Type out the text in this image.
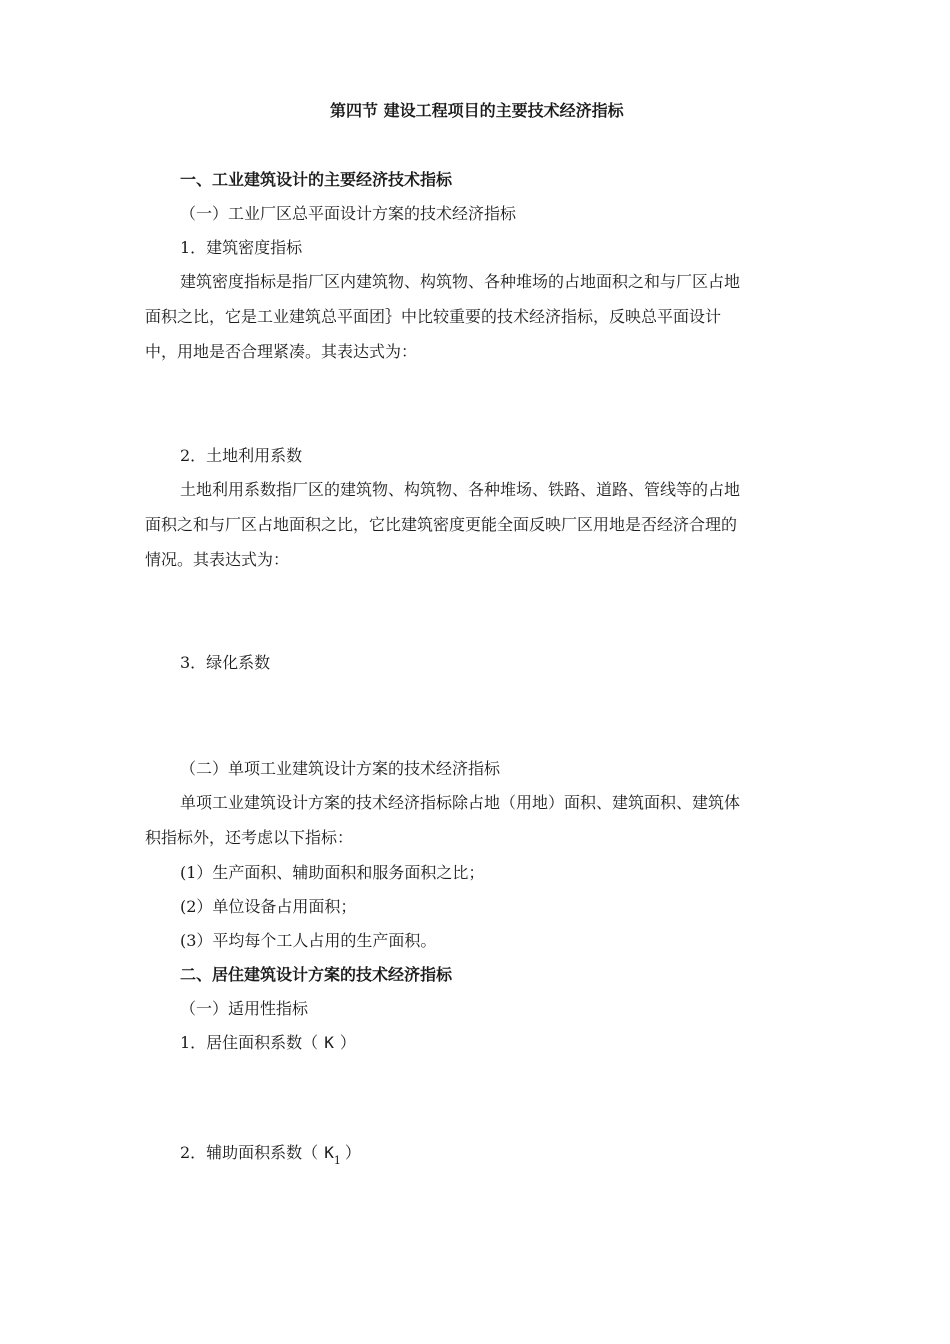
第四节 建设工程项目的主要技术经济指标
一、工业建筑设计的主要经济技术指标
（一）工业厂区总平面设计方案的技术经济指标
1．建筑密度指标
建筑密度指标是指厂区内建筑物、构筑物、各种堆场的占地面积之和与厂区占地
面积之比，它是工业建筑总平面团｝中比较重要的技术经济指标，反映总平面设计
中，用地是否合理紧凑。其表达式为：
2．土地利用系数
土地利用系数指厂区的建筑物、构筑物、各种堆场、铁路、道路、管线等的占地
面积之和与厂区占地面积之比，它比建筑密度更能全面反映厂区用地是否经济合理的
情况。其表达式为：
3．绿化系数
（二）单项工业建筑设计方案的技术经济指标
单项工业建筑设计方案的技术经济指标除占地（用地）面积、建筑面积、建筑体
积指标外，还考虑以下指标：
(1）生产面积、辅助面积和服务面积之比；
(2）单位设备占用面积；
(3）平均每个工人占用的生产面积。
二、居住建筑设计方案的技术经济指标
（一）适用性指标
1．居住面积系数（ K ）
2．辅助面积系数（ $K_1$ ）
